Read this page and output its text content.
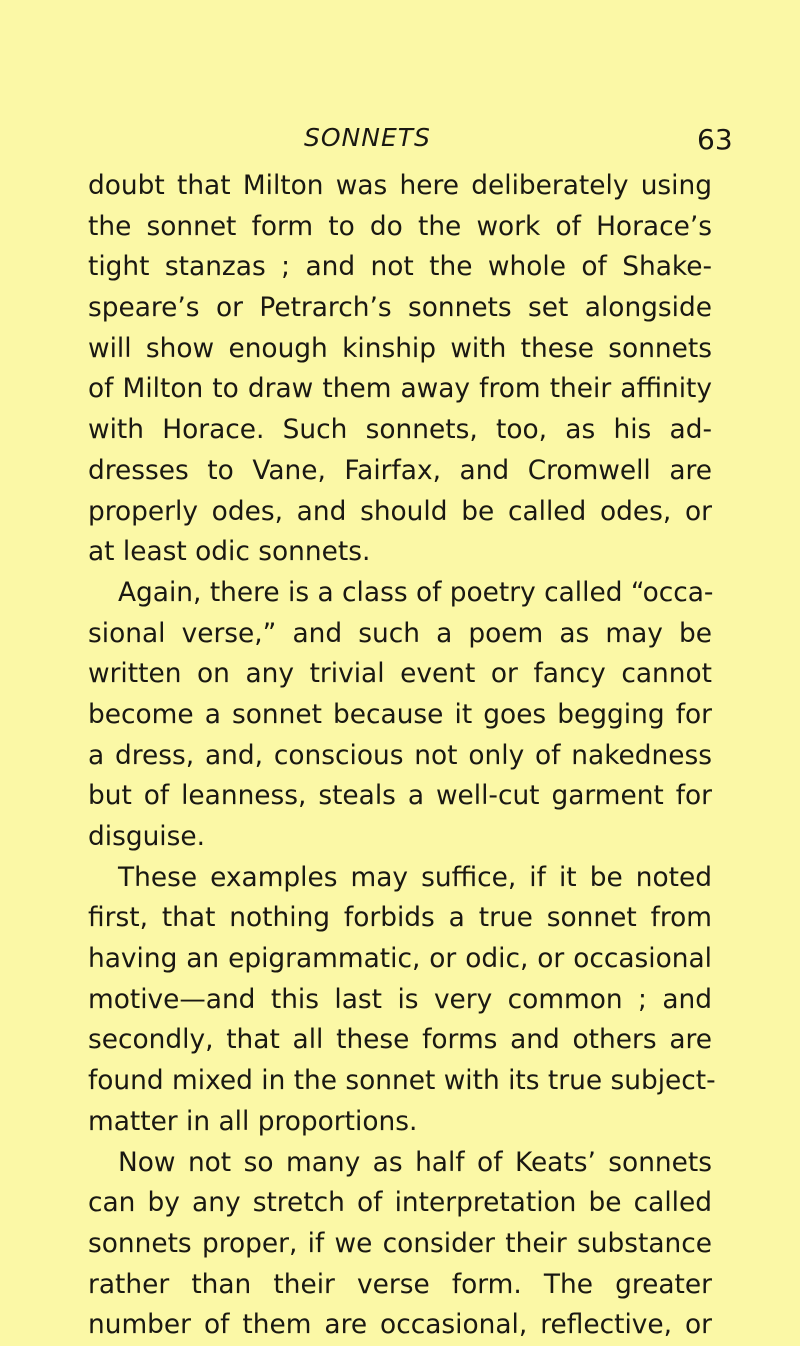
SONNETS	63
doubt that Milton was here deliberately using
the sonnet form to do the work of Horace’s
tight stanzas ; and not the whole of Shake-
speare’s or Petrarch’s sonnets set alongside
will show enough kinship with these sonnets
of Milton to draw them away from their affinity
with Horace. Such sonnets, too, as his ad-
dresses to Vane, Fairfax, and Cromwell are
properly odes, and should be called odes, or
at least odic sonnets.
Again, there is a class of poetry called “occa-
sional verse,” and such a poem as may be
written on any trivial event or fancy cannot
become a sonnet because it goes begging for
a dress, and, conscious not only of nakedness
but of leanness, steals a well-cut garment for
disguise.
These examples may suffice, if it be noted
first, that nothing forbids a true sonnet from
having an epigrammatic, or odic, or occasional
motive—and this last is very common ; and
secondly, that all these forms and others are
found mixed in the sonnet with its true subject-
matter in all proportions.
Now not so many as half of Keats’ sonnets
can by any stretch of interpretation be called
sonnets proper, if we consider their substance
rather than their verse form. The greater
number of them are occasional, reflective, or
